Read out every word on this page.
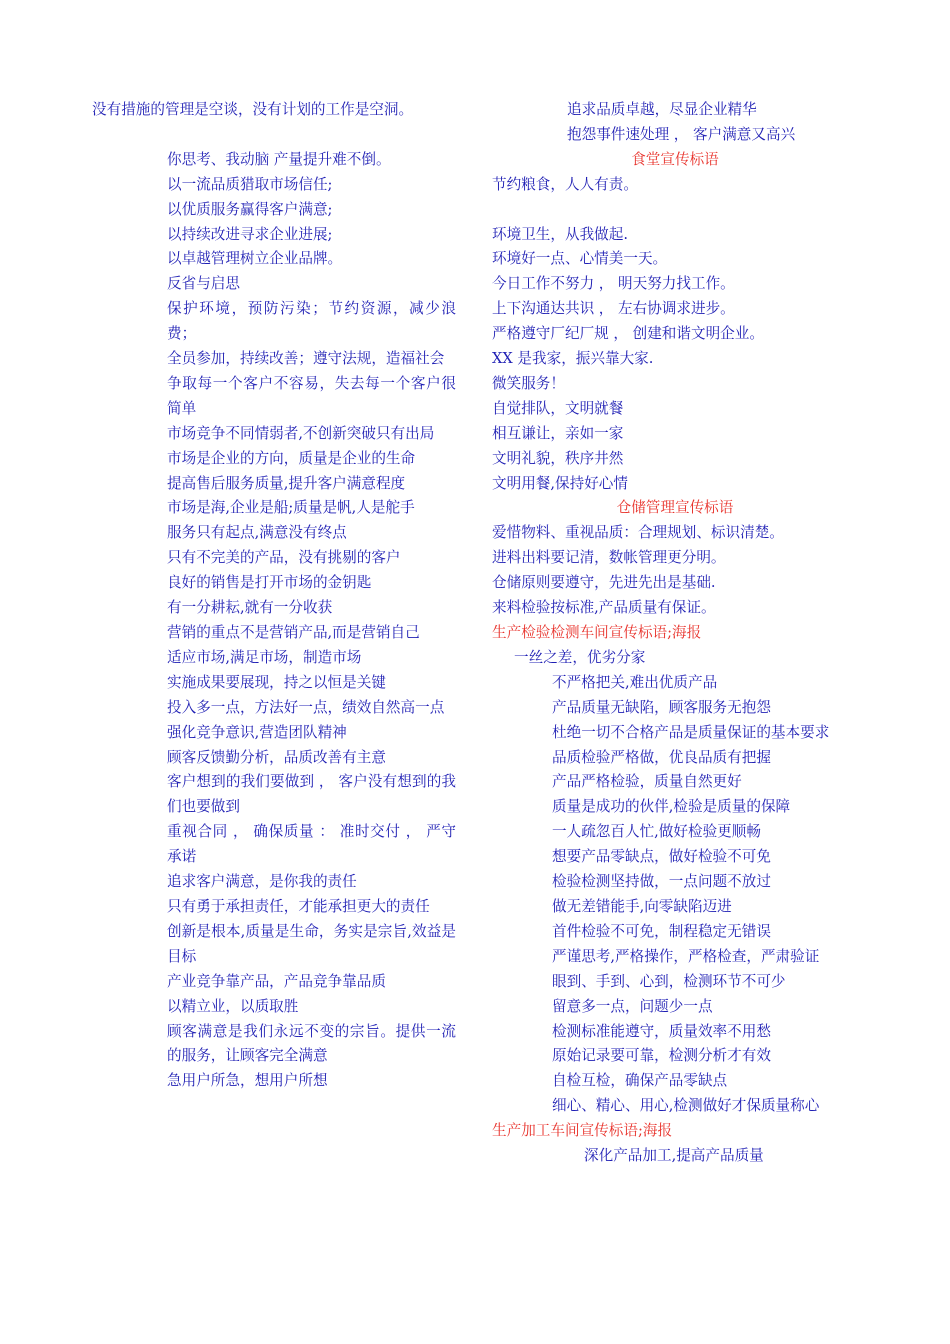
没有措施的管理是空谈，没有计划的工作是空洞。

你思考、我动脑 产量提升难不倒。

以一流品质猎取市场信任;

以优质服务赢得客户满意;

以持续改进寻求企业进展;

以卓越管理树立企业品牌。

反省与启思

保护环境，预防污染；节约资源，减少浪费；

全员参加，持续改善；遵守法规，造福社会

争取每一个客户不容易，失去每一个客户很简单

市场竞争不同情弱者,不创新突破只有出局

市场是企业的方向，质量是企业的生命

提高售后服务质量,提升客户满意程度

市场是海,企业是船;质量是帆,人是舵手

服务只有起点,满意没有终点

只有不完美的产品，没有挑剔的客户

良好的销售是打开市场的金钥匙

有一分耕耘,就有一分收获

营销的重点不是营销产品,而是营销自己

适应市场,满足市场，制造市场

实施成果要展现，持之以恒是关键

投入多一点，方法好一点，绩效自然高一点

强化竞争意识,营造团队精神

顾客反馈勤分析，品质改善有主意

客户想到的我们要做到 ， 客户没有想到的我们也要做到

重视合同 ， 确保质量 ： 准时交付 ， 严守承诺

追求客户满意，是你我的责任

只有勇于承担责任，才能承担更大的责任

创新是根本,质量是生命，务实是宗旨,效益是目标

产业竞争靠产品，产品竞争靠品质

以精立业，以质取胜

顾客满意是我们永远不变的宗旨。提供一流的服务，让顾客完全满意

急用户所急，想用户所想

追求品质卓越，尽显企业精华

抱怨事件速处理 ， 客户满意又高兴

食堂宣传标语

节约粮食，人人有责。

环境卫生，从我做起.

环境好一点、心情美一天。

今日工作不努力 ， 明天努力找工作。

上下沟通达共识 ， 左右协调求进步。

严格遵守厂纪厂规 ， 创建和谐文明企业。

XX 是我家，振兴靠大家.

微笑服务！

自觉排队，文明就餐

相互谦让，亲如一家

文明礼貌，秩序井然

文明用餐,保持好心情

仓储管理宣传标语

爱惜物料、重视品质：合理规划、标识清楚。

进料出料要记清，数帐管理更分明。

仓储原则要遵守，先进先出是基础.

来料检验按标准,产品质量有保证。

生产检验检测车间宣传标语;海报

一丝之差，优劣分家

不严格把关,难出优质产品

产品质量无缺陷，顾客服务无抱怨

杜绝一切不合格产品是质量保证的基本要求

品质检验严格做，优良品质有把握

产品严格检验，质量自然更好

质量是成功的伙伴,检验是质量的保障

一人疏忽百人忙,做好检验更顺畅

想要产品零缺点，做好检验不可免

检验检测坚持做，一点问题不放过

做无差错能手,向零缺陷迈进

首件检验不可免，制程稳定无错误

严谨思考,严格操作，严格检查，严肃验证

眼到、手到、心到，检测环节不可少

留意多一点，问题少一点

检测标准能遵守，质量效率不用愁

原始记录要可靠，检测分析才有效

自检互检，确保产品零缺点

细心、精心、用心,检测做好才保质量称心

生产加工车间宣传标语;海报

深化产品加工,提高产品质量
